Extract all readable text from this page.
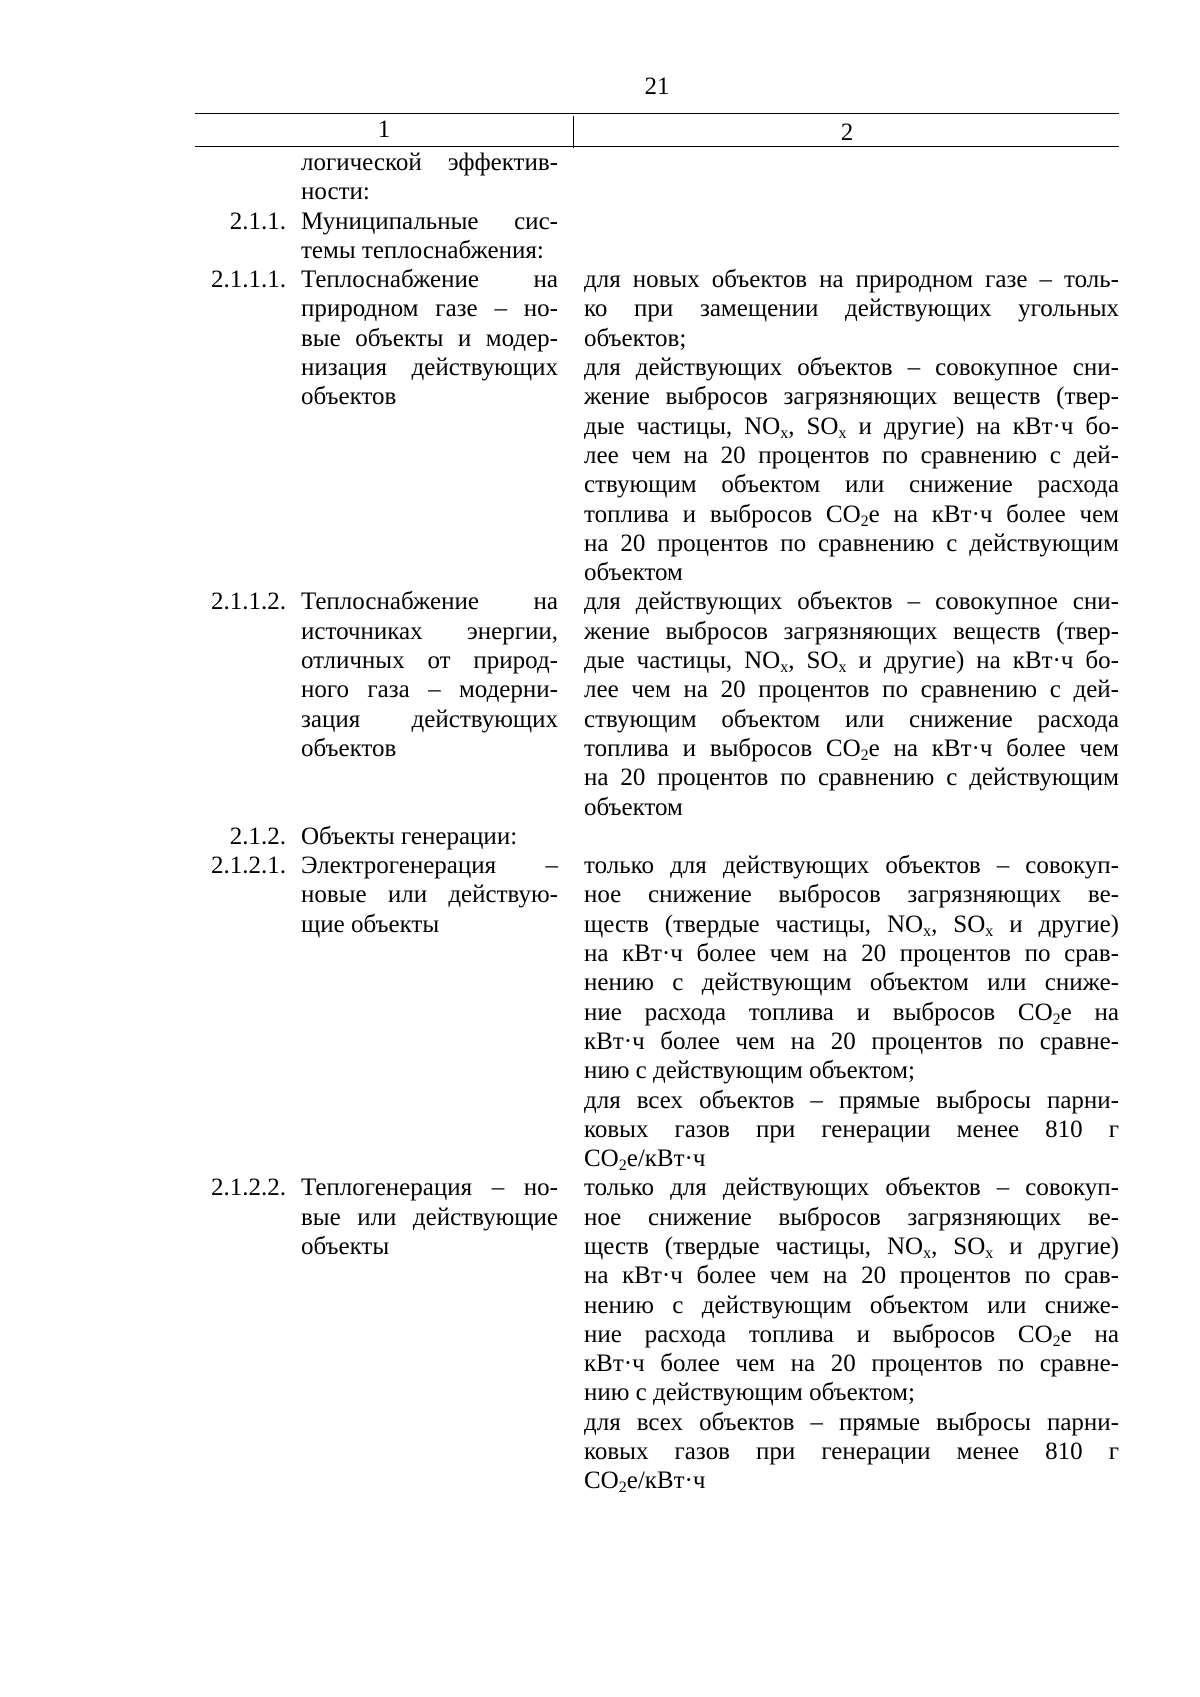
21
1	2
логической эффектив-
ности:
2.1.1. Муниципальные сис-
темы теплоснабжения:
2.1.1.1. Теплоснабжение на
природном газе – но-
вые объекты и модер-
низация действующих
объектов
для новых объектов на природном газе – толь-
ко при замещении действующих угольных
объектов;
для действующих объектов – совокупное сни-
жение выбросов загрязняющих веществ (твер-
дые частицы, $NO_x$, $SO_x$ и другие) на кВт·ч бо-
лее чем на 20 процентов по сравнению с дей-
ствующим объектом или снижение расхода
топлива и выбросов $CO_2е$ на кВт·ч более чем
на 20 процентов по сравнению с действующим
объектом
2.1.1.2. Теплоснабжение на
источниках энергии,
отличных от природ-
ного газа – модерни-
зация действующих
объектов
для действующих объектов – совокупное сни-
жение выбросов загрязняющих веществ (твер-
дые частицы, $NO_x$, $SO_x$ и другие) на кВт·ч бо-
лее чем на 20 процентов по сравнению с дей-
ствующим объектом или снижение расхода
топлива и выбросов $CO_2е$ на кВт·ч более чем
на 20 процентов по сравнению с действующим
объектом
2.1.2. Объекты генерации:
2.1.2.1. Электрогенерация –
новые или действую-
щие объекты
только для действующих объектов – совокуп-
ное снижение выбросов загрязняющих ве-
ществ (твердые частицы, $NO_x$, $SO_x$ и другие)
на кВт·ч более чем на 20 процентов по срав-
нению с действующим объектом или сниже-
ние расхода топлива и выбросов $CO_2е$ на
кВт·ч более чем на 20 процентов по сравне-
нию с действующим объектом;
для всех объектов – прямые выбросы парни-
ковых газов при генерации менее 810 г
$CO_2е/кВт\cdot ч$
2.1.2.2. Теплогенерация – но-
вые или действующие
объекты
только для действующих объектов – совокуп-
ное снижение выбросов загрязняющих ве-
ществ (твердые частицы, $NO_x$, $SO_x$ и другие)
на кВт·ч более чем на 20 процентов по срав-
нению с действующим объектом или сниже-
ние расхода топлива и выбросов $CO_2е$ на
кВт·ч более чем на 20 процентов по сравне-
нию с действующим объектом;
для всех объектов – прямые выбросы парни-
ковых газов при генерации менее 810 г
$CO_2е/кВт\cdot ч$
